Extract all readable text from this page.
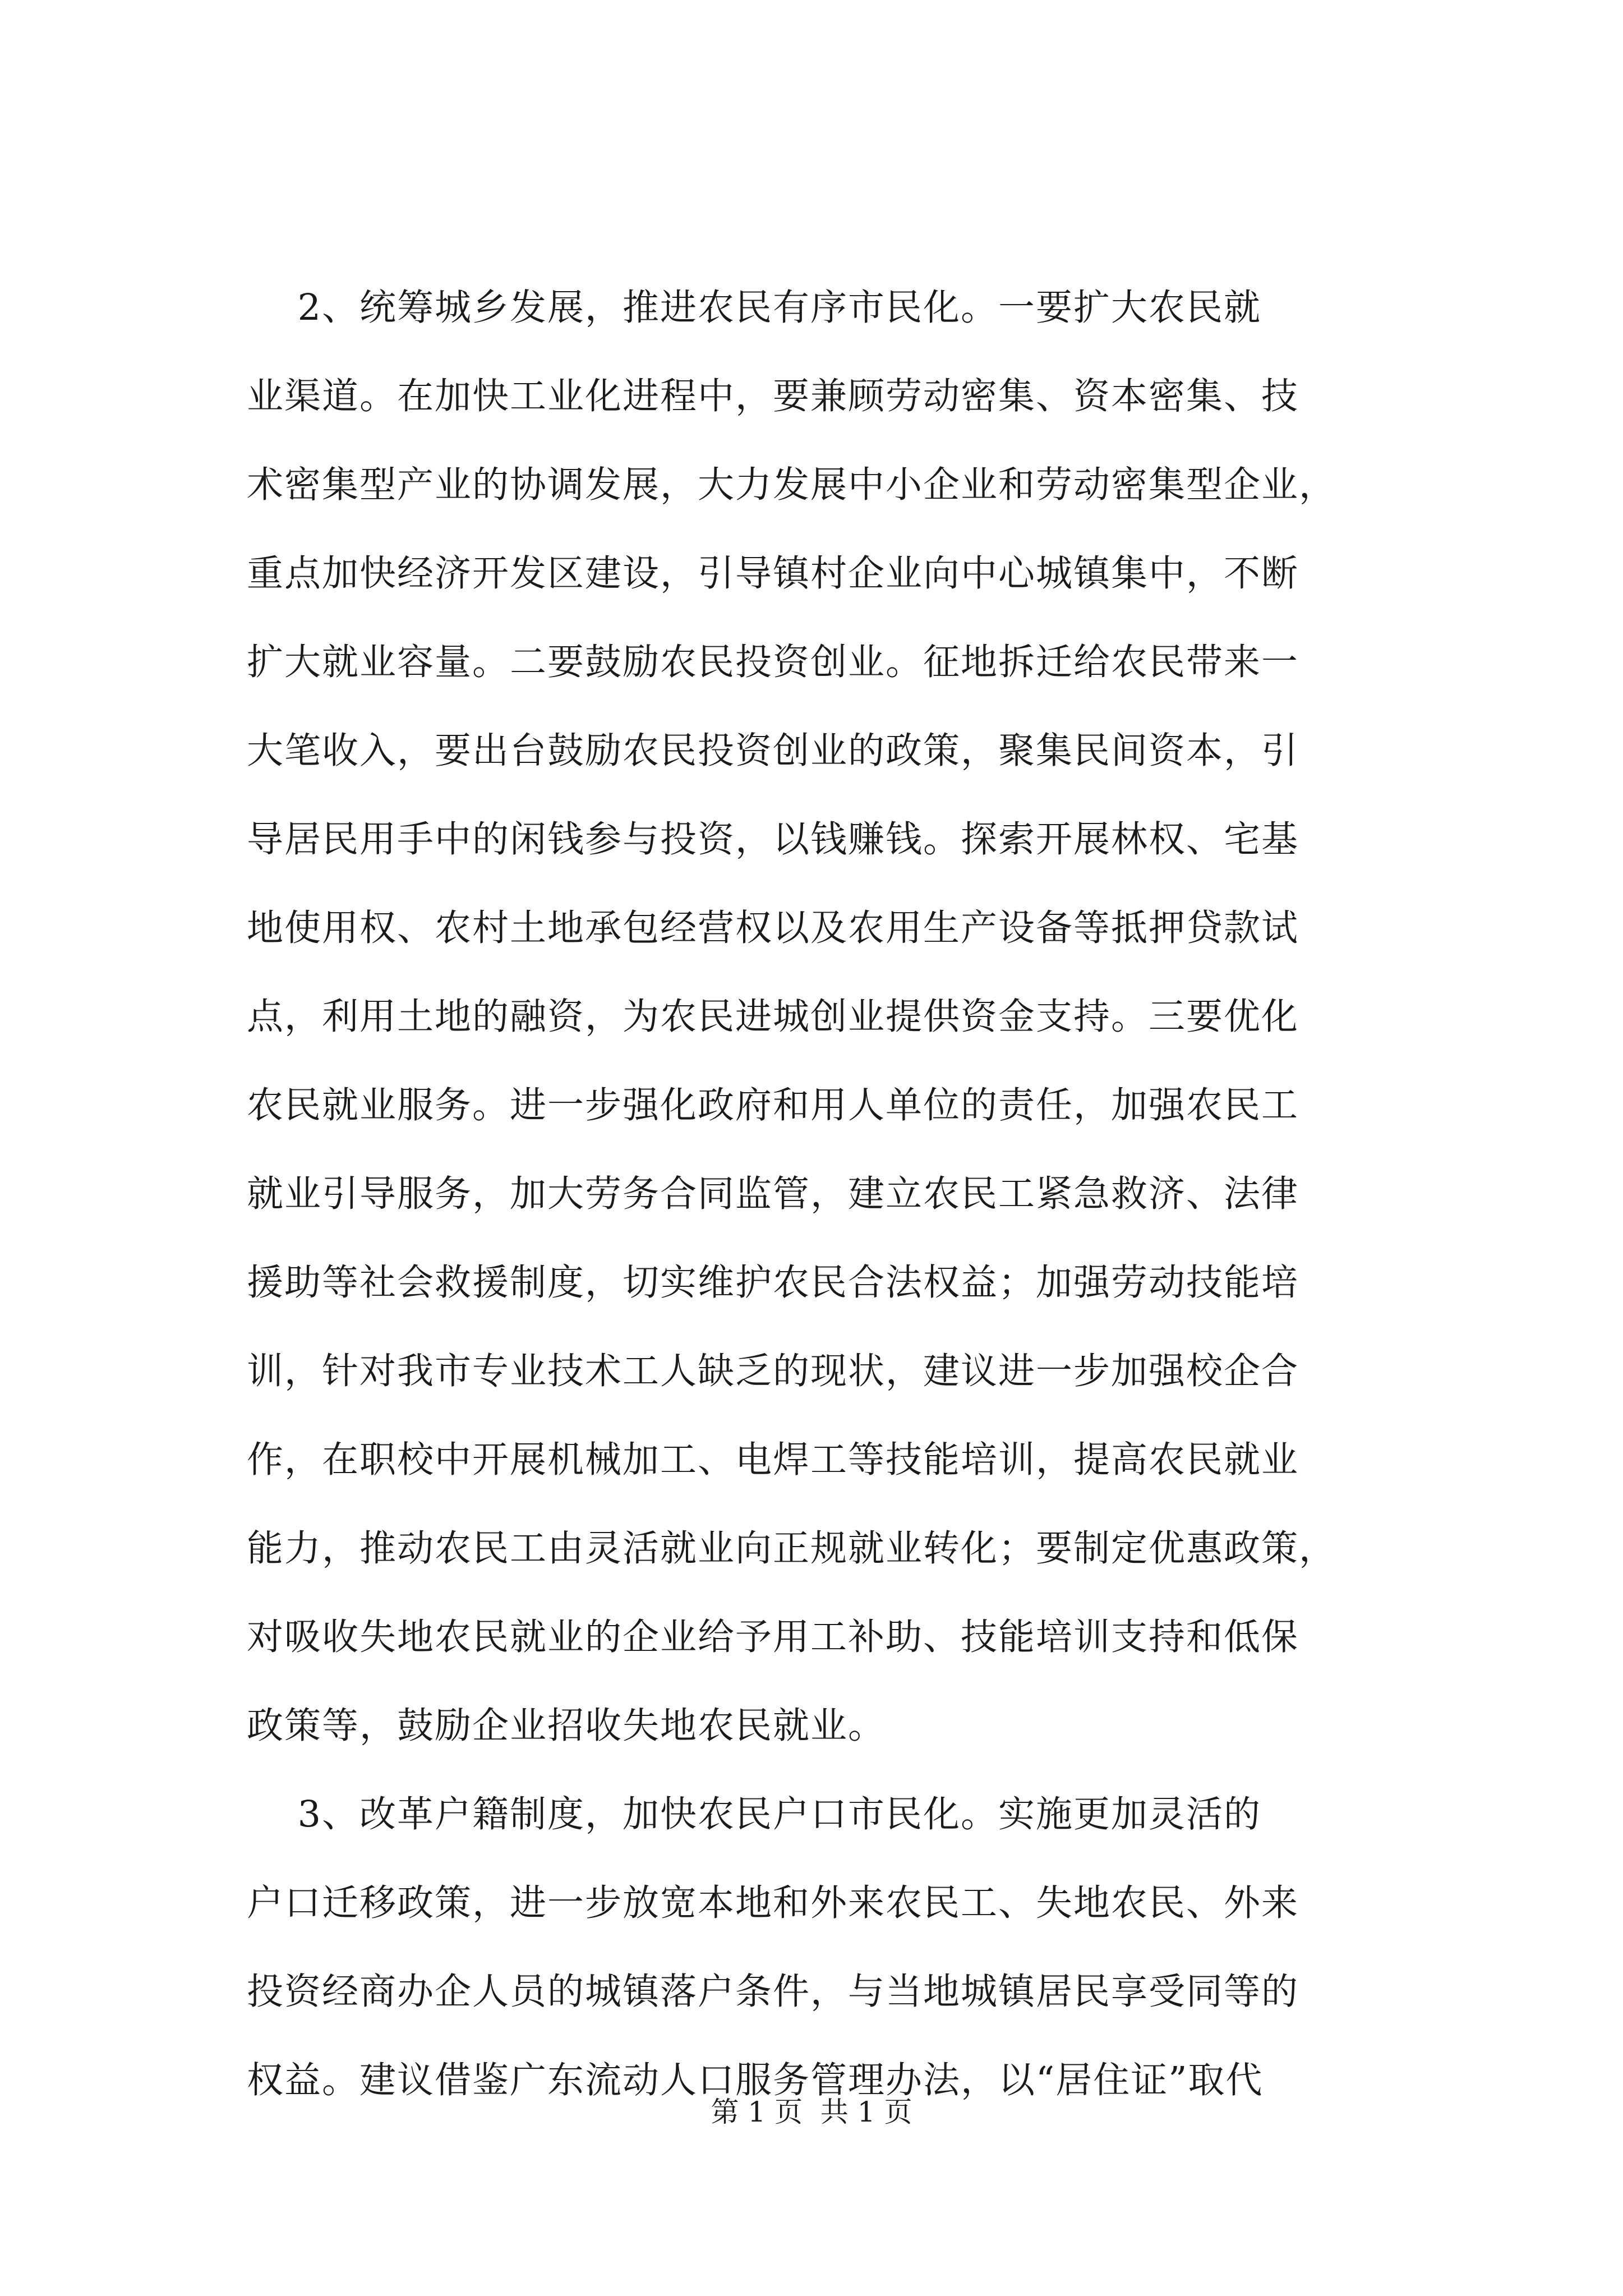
2、统筹城乡发展，推进农民有序市民化。一要扩大农民就
业渠道。在加快工业化进程中，要兼顾劳动密集、资本密集、技
术密集型产业的协调发展，大力发展中小企业和劳动密集型企业，
重点加快经济开发区建设，引导镇村企业向中心城镇集中，不断
扩大就业容量。二要鼓励农民投资创业。征地拆迁给农民带来一
大笔收入，要出台鼓励农民投资创业的政策，聚集民间资本，引
导居民用手中的闲钱参与投资，以钱赚钱。探索开展林权、宅基
地使用权、农村土地承包经营权以及农用生产设备等抵押贷款试
点，利用土地的融资，为农民进城创业提供资金支持。三要优化
农民就业服务。进一步强化政府和用人单位的责任，加强农民工
就业引导服务，加大劳务合同监管，建立农民工紧急救济、法律
援助等社会救援制度，切实维护农民合法权益；加强劳动技能培
训，针对我市专业技术工人缺乏的现状，建议进一步加强校企合
作，在职校中开展机械加工、电焊工等技能培训，提高农民就业
能力，推动农民工由灵活就业向正规就业转化；要制定优惠政策，
对吸收失地农民就业的企业给予用工补助、技能培训支持和低保
政策等，鼓励企业招收失地农民就业。
3、改革户籍制度，加快农民户口市民化。实施更加灵活的
户口迁移政策，进一步放宽本地和外来农民工、失地农民、外来
投资经商办企人员的城镇落户条件，与当地城镇居民享受同等的
权益。建议借鉴广东流动人口服务管理办法，以“居住证”取代
第 1 页  共 1 页
